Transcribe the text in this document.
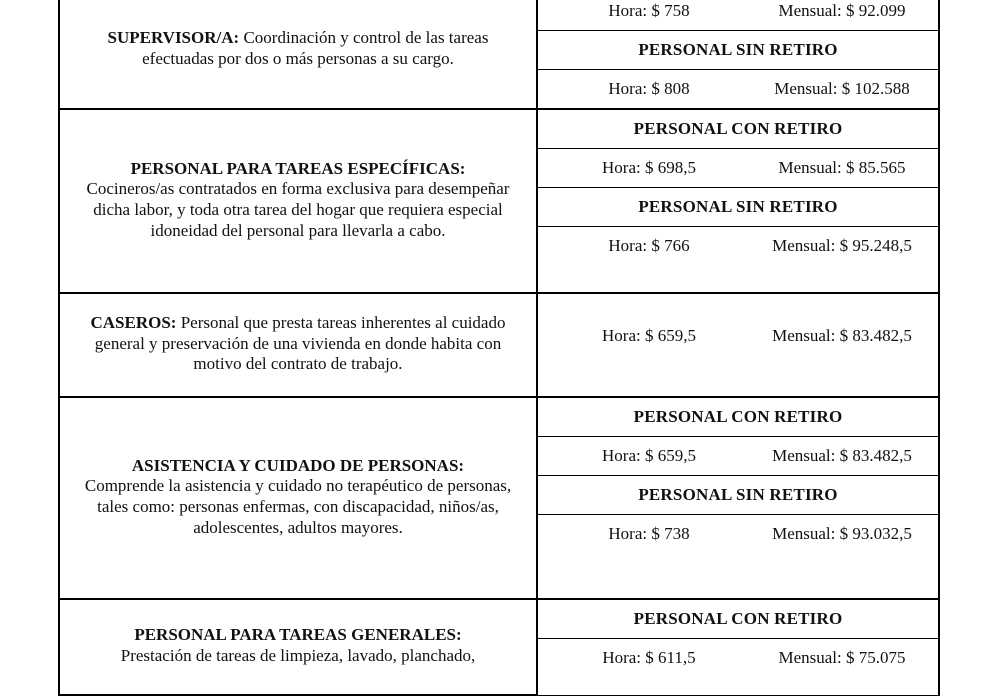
SUPERVISOR/A: Coordinación y control de las tareas efectuadas por dos o más personas a su cargo.	Hora: $ 758 Mensual: $ 92.099
PERSONAL SIN RETIRO
Hora: $ 808 Mensual: $ 102.588

PERSONAL PARA TAREAS ESPECÍFICAS:
Cocineros/as contratados en forma exclusiva para desempeñar dicha labor, y toda otra tarea del hogar que requiera especial idoneidad del personal para llevarla a cabo.	
PERSONAL CON RETIRO
Hora: $ 698,5	Mensual: $ 85.565
PERSONAL SIN RETIRO
Hora: $ 766	Mensual: $ 95.248,5

CASEROS: Personal que presta tareas inherentes al cuidado general y preservación de una vivienda en donde habita con motivo del contrato de trabajo.	Hora: $ 659,5 Mensual: $ 83.482,5

ASISTENCIA Y CUIDADO DE PERSONAS:
Comprende la asistencia y cuidado no terapéutico de personas, tales como: personas enfermas, con discapacidad, niños/as, adolescentes, adultos mayores.	
PERSONAL CON RETIRO
Hora: $ 659,5	Mensual: $ 83.482,5
PERSONAL SIN RETIRO
Hora: $ 738	Mensual: $ 93.032,5

PERSONAL PARA TAREAS GENERALES:
Prestación de tareas de limpieza, lavado, planchado,	
PERSONAL CON RETIRO
Hora: $ 611,5	Mensual: $ 75.075
